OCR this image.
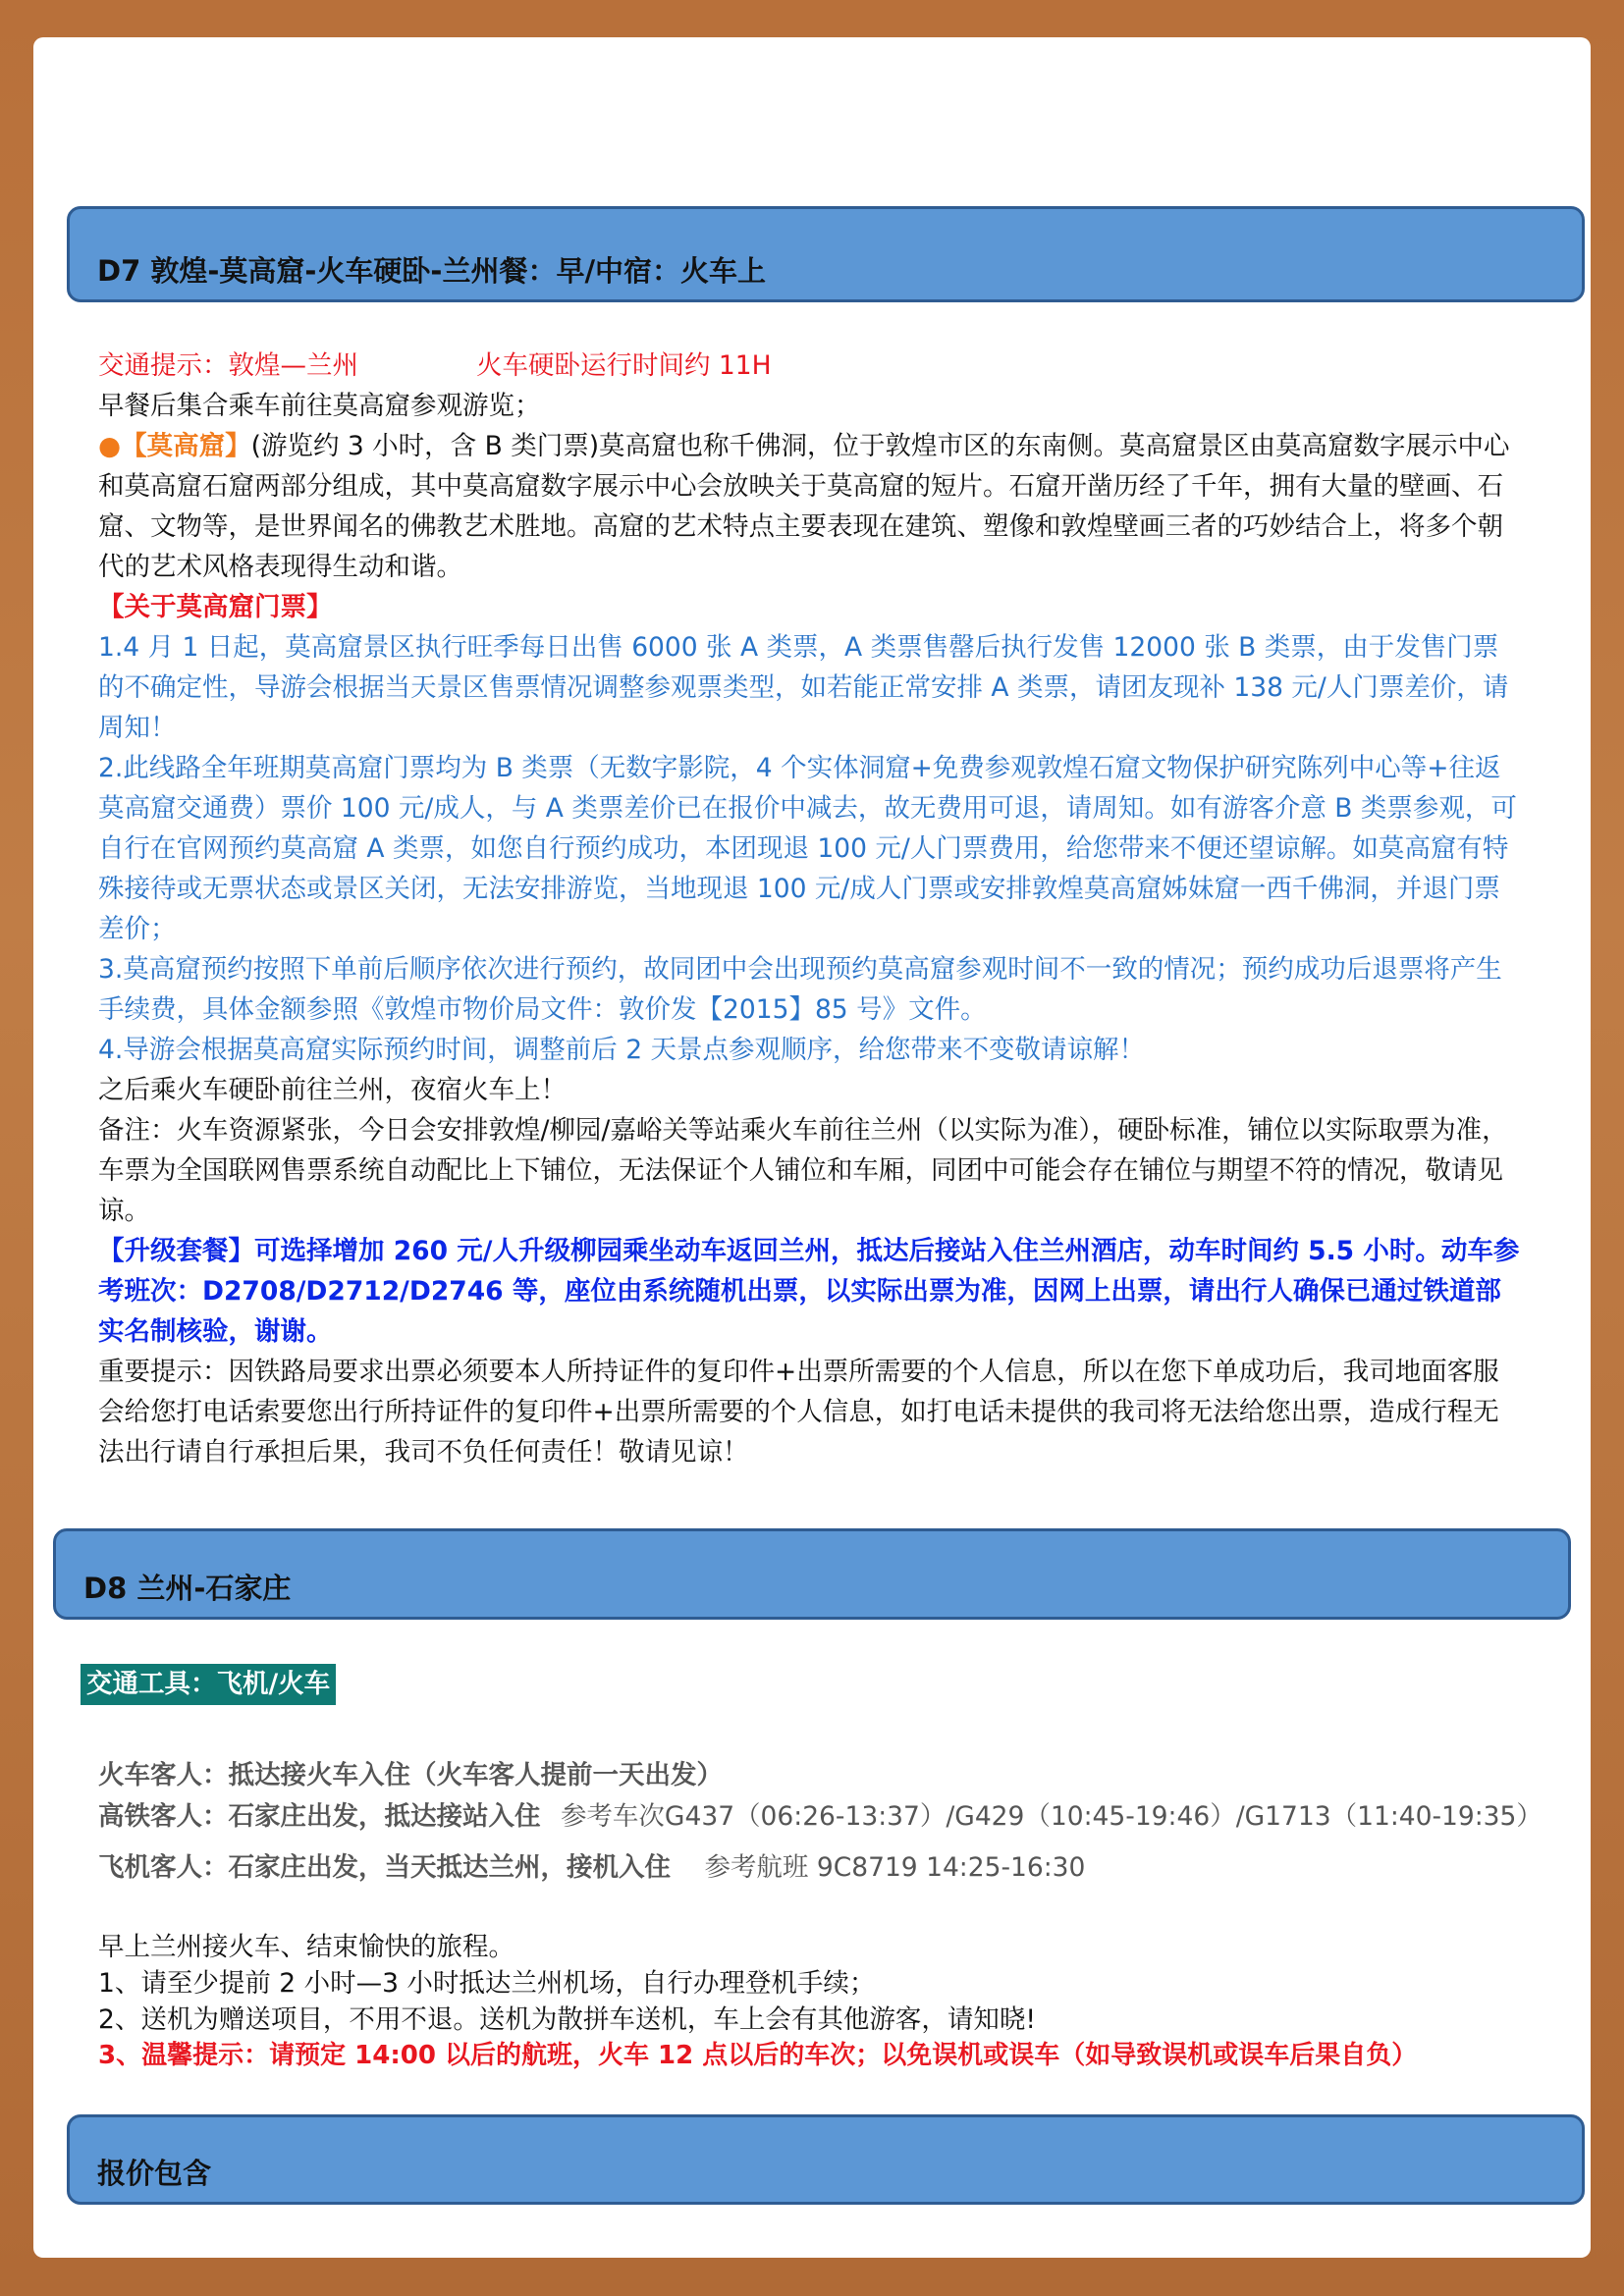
D7 敦煌-莫高窟-火车硬卧-兰州餐：早/中宿：火车上

交通提示：敦煌—兰州	火车硬卧运行时间约 11H

早餐后集合乘车前往莫高窟参观游览；

●【莫高窟】(游览约 3 小时，含 B 类门票)莫高窟也称千佛洞，位于敦煌市区的东南侧。莫高窟景区由莫高窟数字展示中心和莫高窟石窟两部分组成，其中莫高窟数字展示中心会放映关于莫高窟的短片。石窟开凿历经了千年，拥有大量的壁画、石窟、文物等，是世界闻名的佛教艺术胜地。高窟的艺术特点主要表现在建筑、塑像和敦煌壁画三者的巧妙结合上，将多个朝代的艺术风格表现得生动和谐。

【关于莫高窟门票】

1.4 月 1 日起，莫高窟景区执行旺季每日出售 6000 张 A 类票，A 类票售罄后执行发售 12000 张 B 类票，由于发售门票的不确定性，导游会根据当天景区售票情况调整参观票类型，如若能正常安排 A 类票，请团友现补 138 元/人门票差价，请周知！

2.此线路全年班期莫高窟门票均为 B 类票（无数字影院，4 个实体洞窟+免费参观敦煌石窟文物保护研究陈列中心等+往返莫高窟交通费）票价 100 元/成人，与 A 类票差价已在报价中减去，故无费用可退，请周知。如有游客介意 B 类票参观，可自行在官网预约莫高窟 A 类票，如您自行预约成功，本团现退 100 元/人门票费用，给您带来不便还望谅解。如莫高窟有特殊接待或无票状态或景区关闭，无法安排游览，当地现退 100 元/成人门票或安排敦煌莫高窟姊妹窟一西千佛洞，并退门票差价；

3.莫高窟预约按照下单前后顺序依次进行预约，故同团中会出现预约莫高窟参观时间不一致的情况；预约成功后退票将产生手续费，具体金额参照《敦煌市物价局文件：敦价发【2015】85 号》文件。

4.导游会根据莫高窟实际预约时间，调整前后 2 天景点参观顺序，给您带来不变敬请谅解！

之后乘火车硬卧前往兰州，夜宿火车上！

备注：火车资源紧张，今日会安排敦煌/柳园/嘉峪关等站乘火车前往兰州（以实际为准），硬卧标准，铺位以实际取票为准，车票为全国联网售票系统自动配比上下铺位，无法保证个人铺位和车厢，同团中可能会存在铺位与期望不符的情况，敬请见谅。

【升级套餐】可选择增加 260 元/人升级柳园乘坐动车返回兰州，抵达后接站入住兰州酒店，动车时间约 5.5 小时。动车参考班次：D2708/D2712/D2746 等，座位由系统随机出票，以实际出票为准，因网上出票，请出行人确保已通过铁道部实名制核验，谢谢。

重要提示：因铁路局要求出票必须要本人所持证件的复印件+出票所需要的个人信息，所以在您下单成功后，我司地面客服会给您打电话索要您出行所持证件的复印件+出票所需要的个人信息，如打电话未提供的我司将无法给您出票，造成行程无法出行请自行承担后果，我司不负任何责任！敬请见谅！

D8 兰州-石家庄
交通工具：飞机/火车
火车客人：抵达接火车入住（火车客人提前一天出发）
高铁客人：石家庄出发，抵达接站入住 参考车次G437（06:26-13:37）/G429（10:45-19:46）/G1713（11:40-19:35）
飞机客人：石家庄出发，当天抵达兰州，接机入住 参考航班 9C8719 14:25-16:30

早上兰州接火车、结束愉快的旅程。

1、请至少提前 2 小时—3 小时抵达兰州机场，自行办理登机手续；

2、送机为赠送项目，不用不退。送机为散拼车送机，车上会有其他游客，请知晓!

3、温馨提示：请预定 14:00 以后的航班，火车 12 点以后的车次；以免误机或误车（如导致误机或误车后果自负）

报价包含
